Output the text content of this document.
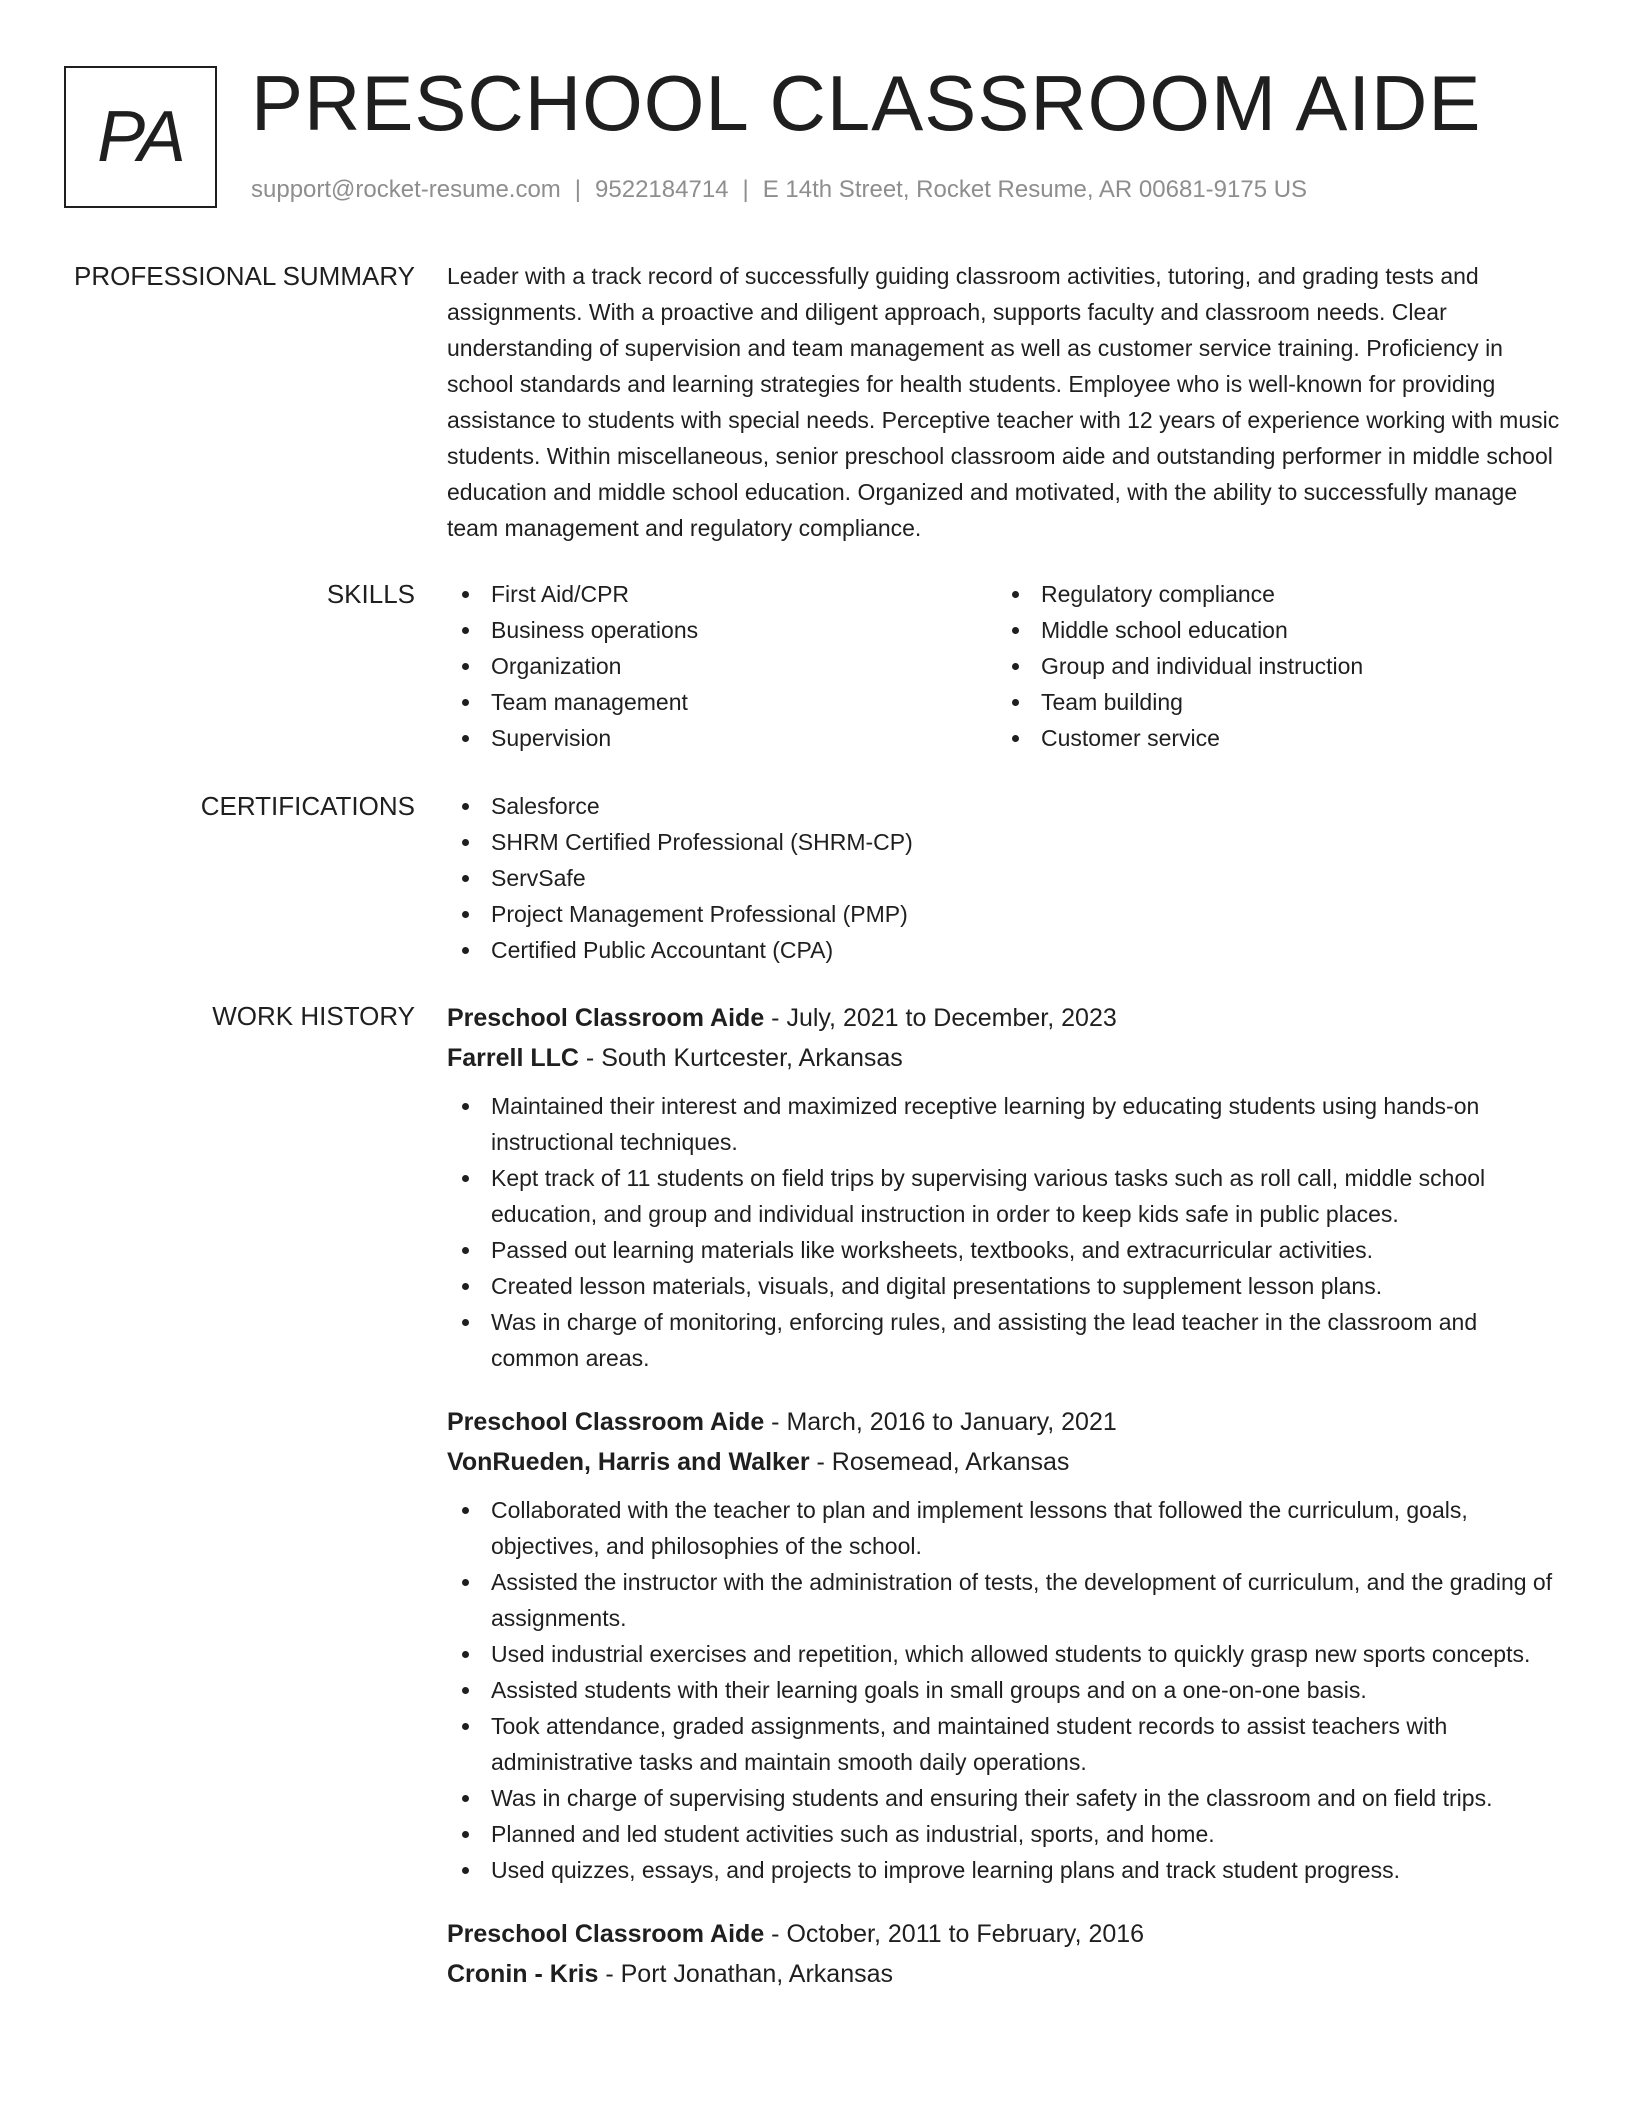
PA PRESCHOOL CLASSROOM AIDE
support@rocket-resume.com | 9522184714 | E 14th Street, Rocket Resume, AR 00681-9175 US
PROFESSIONAL SUMMARY Leader with a track record of successfully guiding classroom activities, tutoring, and grading tests and assignments. With a proactive and diligent approach, supports faculty and classroom needs. Clear understanding of supervision and team management as well as customer service training. Proficiency in school standards and learning strategies for health students. Employee who is well-known for providing assistance to students with special needs. Perceptive teacher with 12 years of experience working with music students. Within miscellaneous, senior preschool classroom aide and outstanding performer in middle school education and middle school education. Organized and motivated, with the ability to successfully manage team management and regulatory compliance.

SKILLS	First Aid/CPR
Business operations
Organization
Team management
Supervision
Regulatory compliance
Middle school education
Group and individual instruction
Team building
Customer service
CERTIFICATIONS	Salesforce
SHRM Certified Professional (SHRM-CP)
ServSafe
Project Management Professional (PMP)
Certified Public Accountant (CPA)
WORK HISTORY Preschool Classroom Aide - July, 2021 to December, 2023
Farrell LLC - South Kurtcester, Arkansas
Maintained their interest and maximized receptive learning by educating students using hands-on instructional techniques.
Kept track of 11 students on field trips by supervising various tasks such as roll call, middle school education, and group and individual instruction in order to keep kids safe in public places.
Passed out learning materials like worksheets, textbooks, and extracurricular activities.
Created lesson materials, visuals, and digital presentations to supplement lesson plans.
Was in charge of monitoring, enforcing rules, and assisting the lead teacher in the classroom and common areas.
Preschool Classroom Aide - March, 2016 to January, 2021
VonRueden, Harris and Walker - Rosemead, Arkansas
Collaborated with the teacher to plan and implement lessons that followed the curriculum, goals, objectives, and philosophies of the school.
Assisted the instructor with the administration of tests, the development of curriculum, and the grading of assignments.
Used industrial exercises and repetition, which allowed students to quickly grasp new sports concepts.
Assisted students with their learning goals in small groups and on a one-on-one basis.
Took attendance, graded assignments, and maintained student records to assist teachers with administrative tasks and maintain smooth daily operations.
Was in charge of supervising students and ensuring their safety in the classroom and on field trips.
Planned and led student activities such as industrial, sports, and home.
Used quizzes, essays, and projects to improve learning plans and track student progress.
Preschool Classroom Aide - October, 2011 to February, 2016
Cronin - Kris - Port Jonathan, Arkansas
